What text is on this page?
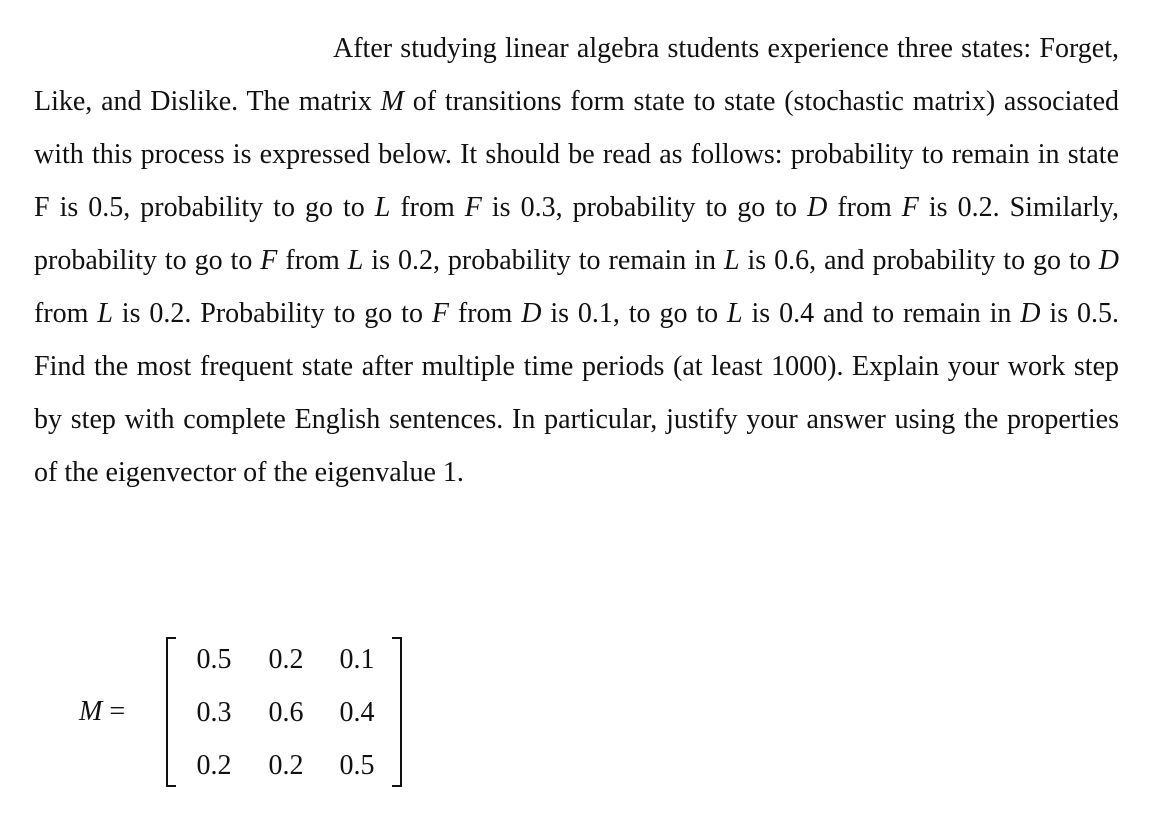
After studying linear algebra students experience three states: Forget, Like, and Dislike. The matrix M of transitions form state to state (stochastic matrix) associated with this process is expressed below. It should be read as follows: probability to remain in state F is 0.5, probability to go to L from F is 0.3, probability to go to D from F is 0.2. Similarly, probability to go to F from L is 0.2, probability to remain in L is 0.6, and probability to go to D from L is 0.2. Probability to go to F from D is 0.1, to go to L is 0.4 and to remain in D is 0.5. Find the most frequent state after multiple time periods (at least 1000). Explain your work step by step with complete English sentences. In particular, justify your answer using the properties of the eigenvector of the eigenvalue 1.

M =
0.5	0.2	0.1
0.3	0.6	0.4
0.2	0.2	0.5
